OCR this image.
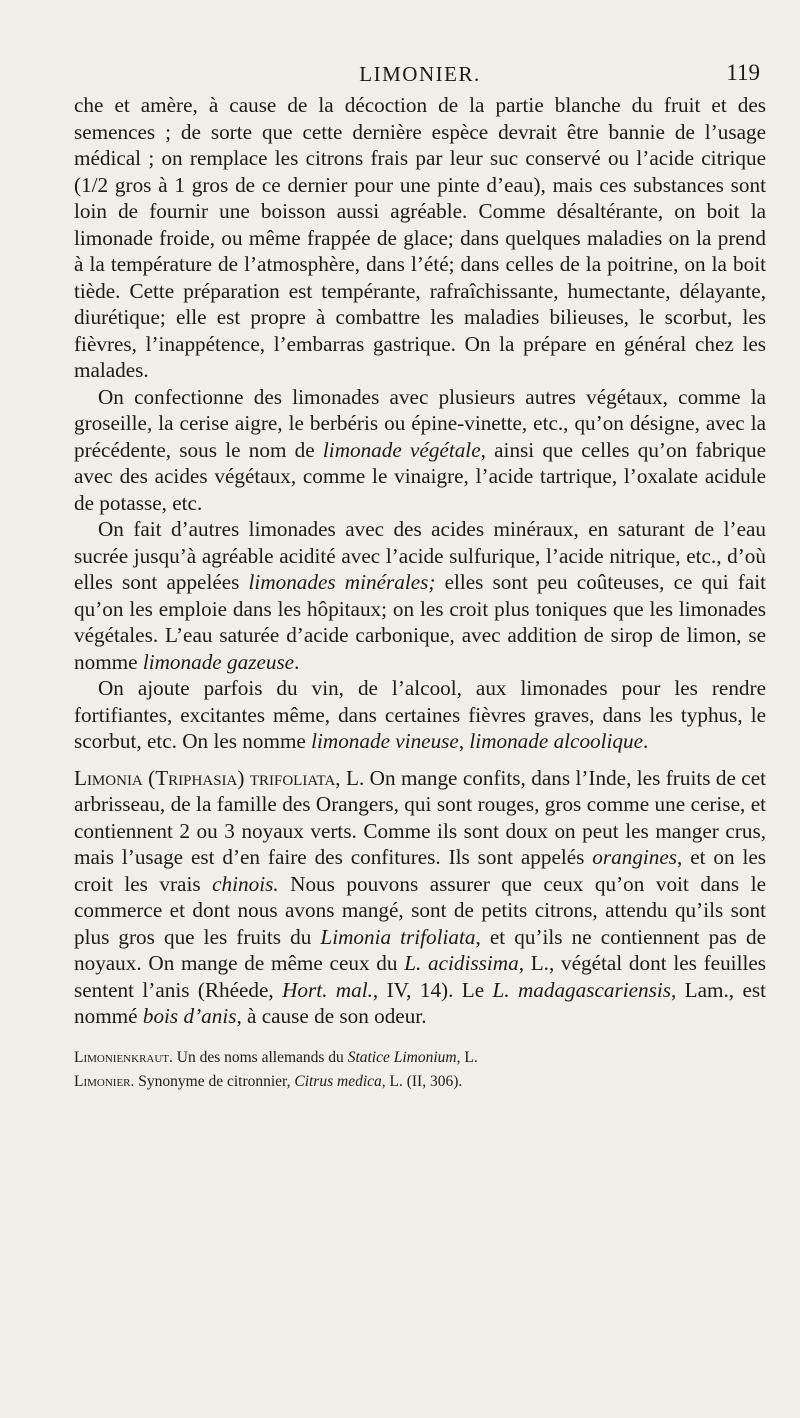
LIMONIER.	119

che et amère, à cause de la décoction de la partie blanche du fruit et des semences ; de sorte que cette dernière espèce devrait être bannie de l’usage médical ; on remplace les citrons frais par leur suc conservé ou l’acide citrique (1/2 gros à 1 gros de ce dernier pour une pinte d’eau), mais ces substances sont loin de fournir une boisson aussi agréable. Comme désaltérante, on boit la limonade froide, ou même frappée de glace; dans quelques maladies on la prend à la température de l’atmosphère, dans l’été; dans celles de la poitrine, on la boit tiède. Cette préparation est tempérante, rafraîchissante, humectante, délayante, diurétique; elle est propre à combattre les maladies bilieuses, le scorbut, les fièvres, l’inappétence, l’embarras gastrique. On la prépare en général chez les malades.

On confectionne des limonades avec plusieurs autres végétaux, comme la groseille, la cerise aigre, le berbéris ou épine-vinette, etc., qu’on désigne, avec la précédente, sous le nom de limonade végétale, ainsi que celles qu’on fabrique avec des acides végétaux, comme le vinaigre, l’acide tartrique, l’oxalate acidule de potasse, etc.

On fait d’autres limonades avec des acides minéraux, en saturant de l’eau sucrée jusqu’à agréable acidité avec l’acide sulfurique, l’acide nitrique, etc., d’où elles sont appelées limonades minérales; elles sont peu coûteuses, ce qui fait qu’on les emploie dans les hôpitaux; on les croit plus toniques que les limonades végétales. L’eau saturée d’acide carbonique, avec addition de sirop de limon, se nomme limonade gazeuse.

On ajoute parfois du vin, de l’alcool, aux limonades pour les rendre fortifiantes, excitantes même, dans certaines fièvres graves, dans les typhus, le scorbut, etc. On les nomme limonade vineuse, limonade alcoolique.

Limonia (Triphasia) trifoliata, L. On mange confits, dans l’Inde, les fruits de cet arbrisseau, de la famille des Orangers, qui sont rouges, gros comme une cerise, et contiennent 2 ou 3 noyaux verts. Comme ils sont doux on peut les manger crus, mais l’usage est d’en faire des confitures. Ils sont appelés orangines, et on les croit les vrais chinois. Nous pouvons assurer que ceux qu’on voit dans le commerce et dont nous avons mangé, sont de petits citrons, attendu qu’ils sont plus gros que les fruits du Limonia trifoliata, et qu’ils ne contiennent pas de noyaux. On mange de même ceux du L. acidissima, L., végétal dont les feuilles sentent l’anis (Rhéede, Hort. mal., IV, 14). Le L. madagascariensis, Lam., est nommé bois d’anis, à cause de son odeur.

Limonienkraut. Un des noms allemands du Statice Limonium, L.

Limonier. Synonyme de citronnier, Citrus medica, L. (II, 306).
